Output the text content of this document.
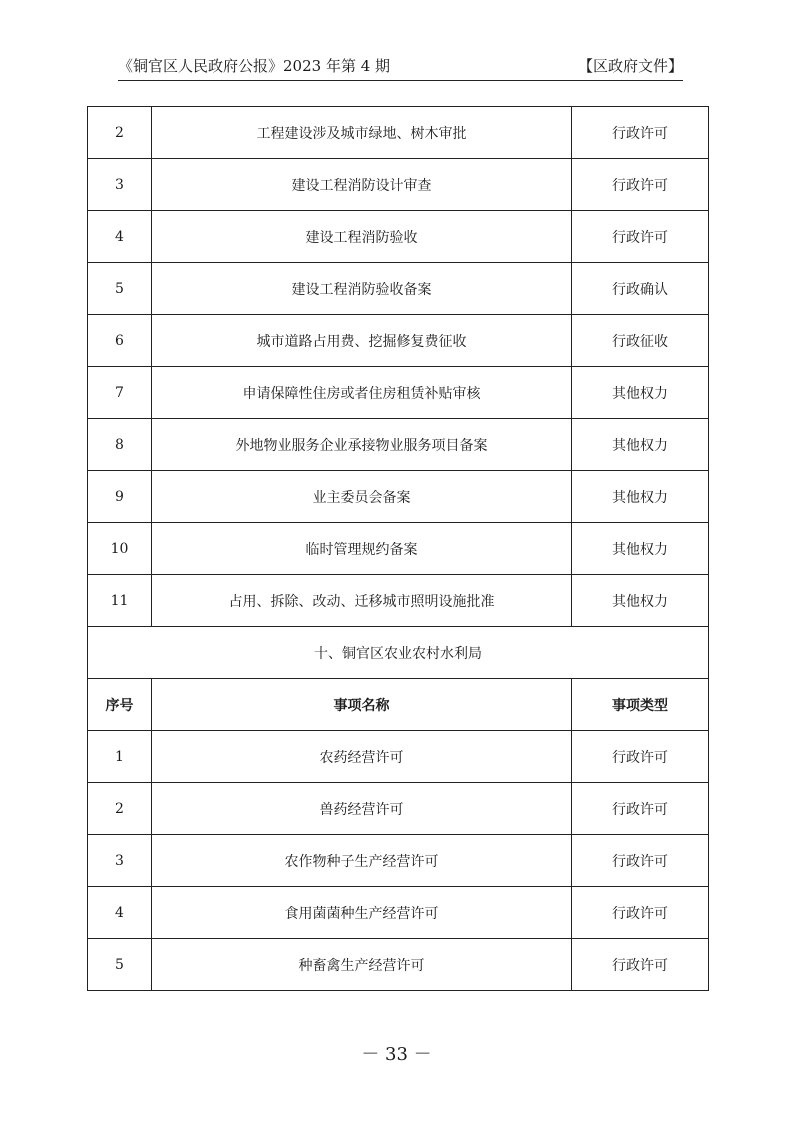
《铜官区人民政府公报》2023 年第 4 期	【区政府文件】
2	工程建设涉及城市绿地、树木审批	行政许可
3	建设工程消防设计审查	行政许可
4	建设工程消防验收	行政许可
5	建设工程消防验收备案	行政确认
6	城市道路占用费、挖掘修复费征收	行政征收
7	申请保障性住房或者住房租赁补贴审核	其他权力
8	外地物业服务企业承接物业服务项目备案	其他权力
9	业主委员会备案	其他权力
10	临时管理规约备案	其他权力
11	占用、拆除、改动、迁移城市照明设施批准	其他权力
十、铜官区农业农村水利局		
序号	事项名称	事项类型
1	农药经营许可	行政许可
2	兽药经营许可	行政许可
3	农作物种子生产经营许可	行政许可
4	食用菌菌种生产经营许可	行政许可
5	种畜禽生产经营许可	行政许可
－ 33 －
